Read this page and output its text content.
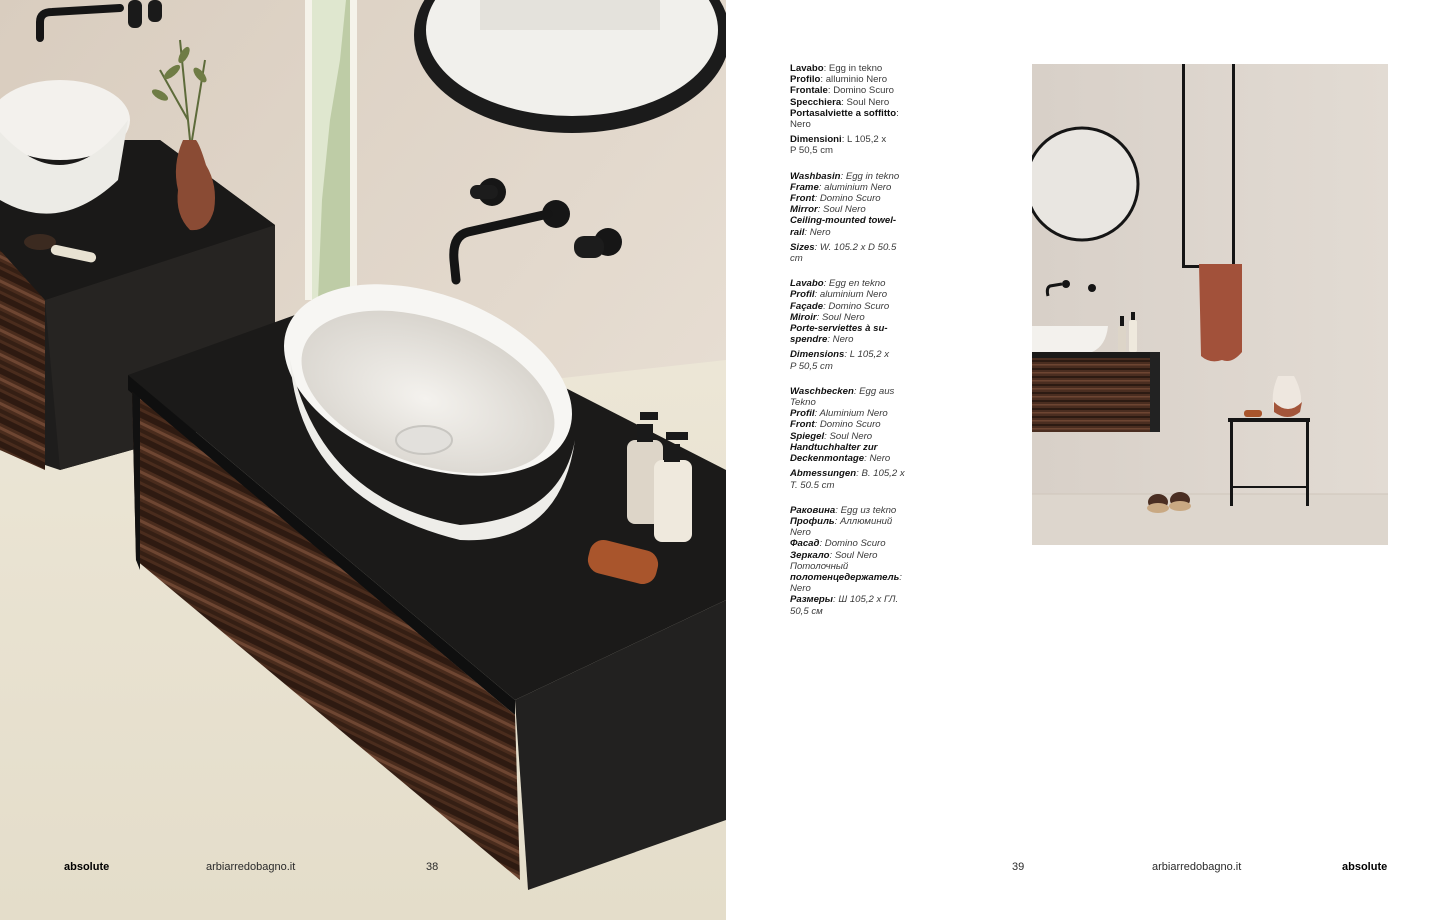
absolute	arbiarredobagno.it	38
Lavabo: Egg in tekno
Profilo: alluminio Nero
Frontale: Domino Scuro
Specchiera: Soul Nero
Portasalviette a soffitto:
Nero
Dimensioni: L 105,2 x
P 50,5 cm
Washbasin: Egg in tekno
Frame: aluminium Nero
Front: Domino Scuro
Mirror: Soul Nero
Ceiling-mounted towel-
rail: Nero
Sizes: W. 105.2 x D 50.5
cm
Lavabo: Egg en tekno
Profil: aluminium Nero
Façade: Domino Scuro
Miroir: Soul Nero
Porte-serviettes à su-
spendre: Nero
Dimensions: L 105,2 x
P 50,5 cm
Waschbecken: Egg aus
Tekno
Profil: Aluminium Nero
Front: Domino Scuro
Spiegel: Soul Nero
Handtuchhalter zur
Deckenmontage: Nero
Abmessungen: B. 105,2 x
T. 50.5 cm
Раковина: Egg из tekno
Профиль: Аллюминий
Nero
Фасад: Domino Scuro
Зеркало: Soul Nero
Потолочный
полотенцедержатель:
Nero
Размеры: Ш 105,2 x ГЛ.
50,5 см
39	arbiarredobagno.it	absolute
